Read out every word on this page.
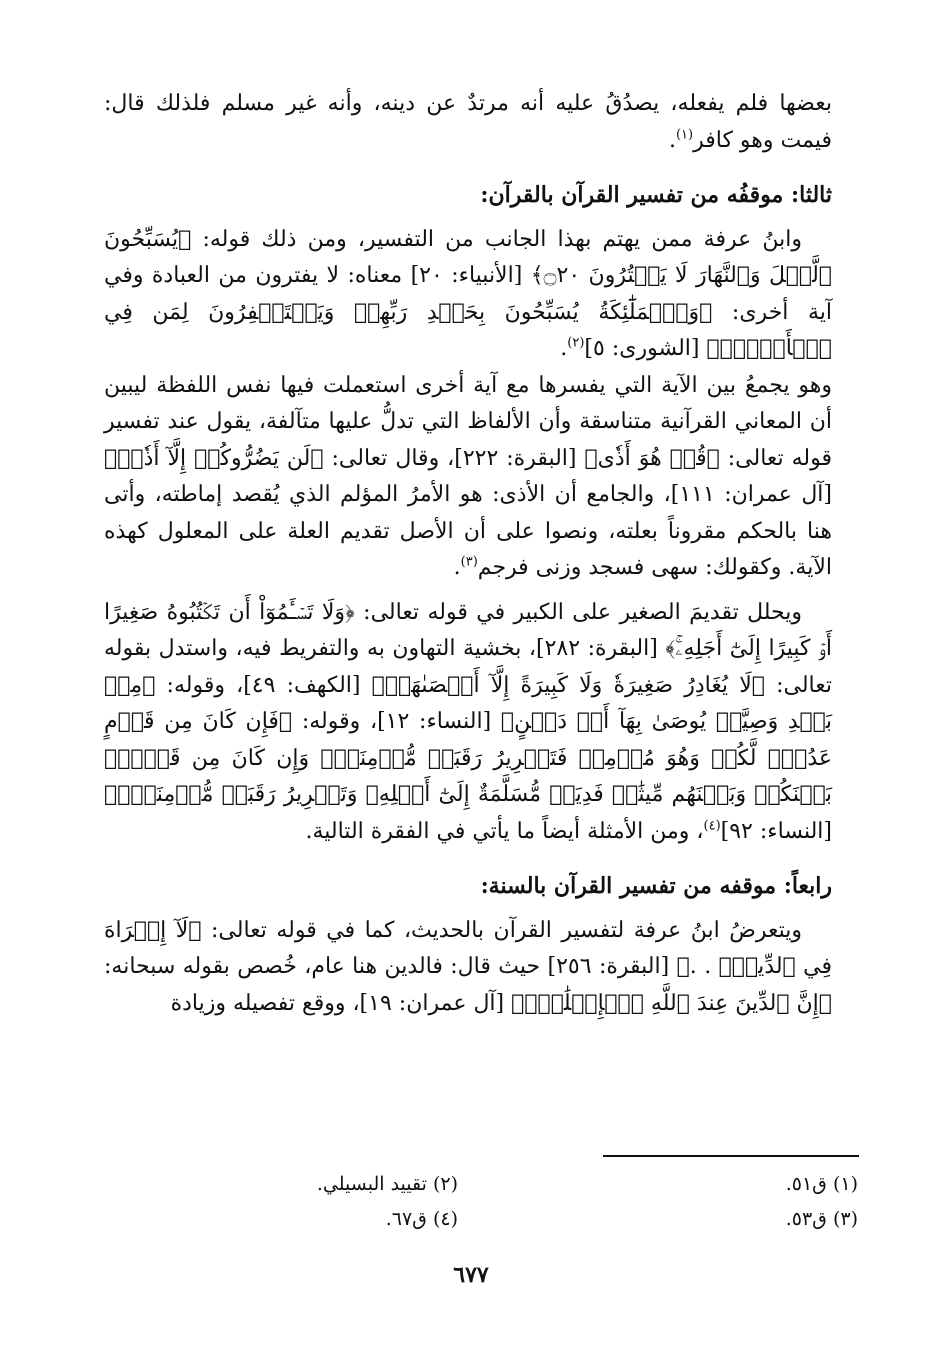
بعضها فلم يفعله، يصدُقُ عليه أنه مرتدٌ عن دينه، وأنه غير مسلم فلذلك قال: فيمت وهو كافر$^{(١)}$.

ثالثا: موقفُه من تفسير القرآن بالقرآن:

وابنُ عرفة ممن يهتم بهذا الجانب من التفسير، ومن ذلك قوله: ﴿يُسَبِّحُونَ ٱلَّيۡلَ وَٱلنَّهَارَ لَا يَفۡتُرُونَ ۝٢٠﴾ [الأنبياء: ٢٠] معناه: لا يفترون من العبادة وفي آية أخرى: ﴿وَٱلۡمَلَٰٓئِكَةُ يُسَبِّحُونَ بِحَمۡدِ رَبِّهِمۡ وَيَسۡتَغۡفِرُونَ لِمَن فِي ٱلۡأَرۡضِۗ﴾ [الشورى: ٥]$^{(٢)}$.

وهو يجمعُ بين الآية التي يفسرها مع آية أخرى استعملت فيها نفس اللفظة ليبين أن المعاني القرآنية متناسقة وأن الألفاظ التي تدلُّ عليها متآلفة، يقول عند تفسير قوله تعالى: ﴿قُلۡ هُوَ أَذٗى﴾ [البقرة: ٢٢٢]، وقال تعالى: ﴿لَن يَضُرُّوكُمۡ إِلَّآ أَذٗىۖ﴾ [آل عمران: ١١١]، والجامع أن الأذى: هو الأمرُ المؤلم الذي يُقصد إماطته، وأتى هنا بالحكم مقروناً بعلته، ونصوا على أن الأصل تقديم العلة على المعلول كهذه الآية. وكقولك: سهى فسجد وزنى فرجم$^{(٣)}$.

ويحلل تقديمَ الصغير على الكبير في قوله تعالى: ﴿وَلَا تَسۡـَٔمُوٓاْ أَن تَكۡتُبُوهُ صَغِيرًا أَوۡ كَبِيرًا إِلَىٰٓ أَجَلِهِۦۚ﴾ [البقرة: ٢٨٢]، بخشية التهاون به والتفريط فيه، واستدل بقوله تعالى: ﴿لَا يُغَادِرُ صَغِيرَةٗ وَلَا كَبِيرَةً إِلَّآ أَحۡصَىٰهَاۚ﴾ [الكهف: ٤٩]، وقوله: ﴿مِنۢ بَعۡدِ وَصِيَّةٖ يُوصَىٰ بِهَآ أَوۡ دَيۡنٍ﴾ [النساء: ١٢]، وقوله: ﴿فَإِن كَانَ مِن قَوۡمٍ عَدُوّٖ لَّكُمۡ وَهُوَ مُؤۡمِنٞ فَتَحۡرِيرُ رَقَبَةٖ مُّؤۡمِنَةٖۖ وَإِن كَانَ مِن قَوۡمِۭ بَيۡنَكُمۡ وَبَيۡنَهُم مِّيثَٰقٞ فَدِيَةٞ مُّسَلَّمَةٌ إِلَىٰٓ أَهۡلِهِۦ وَتَحۡرِيرُ رَقَبَةٖ مُّؤۡمِنَةٖۖ﴾ [النساء: ٩٢]$^{(٤)}$، ومن الأمثلة أيضاً ما يأتي في الفقرة التالية.

رابعاً: موقفه من تفسير القرآن بالسنة:

ويتعرضُ ابنُ عرفة لتفسير القرآن بالحديث، كما في قوله تعالى: ﴿لَآ إِكۡرَاهَ فِي ٱلدِّينِۖ . .﴾ [البقرة: ٢٥٦] حيث قال: فالدين هنا عام، خُصص بقوله سبحانه: ﴿إِنَّ ٱلدِّينَ عِندَ ٱللَّهِ ٱلۡإِسۡلَٰمُۗ﴾ [آل عمران: ١٩]، ووقع تفصيله وزيادة

(١) ق٥١.
(٢) تقييد البسيلي.
(٣) ق٥٣.
(٤) ق٦٧.
٦٧٧
